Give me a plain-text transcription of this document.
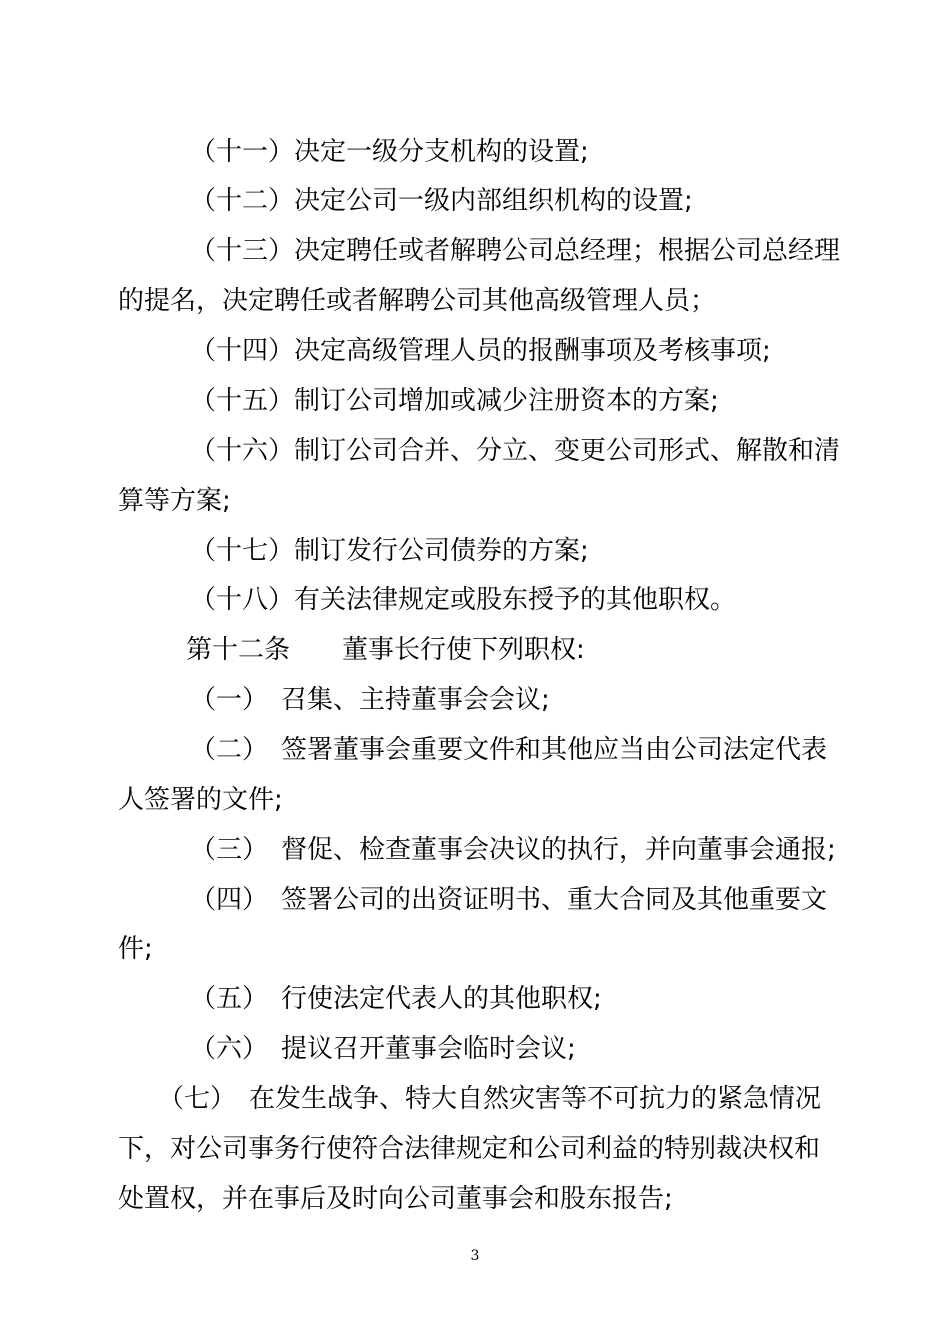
（十一）决定一级分支机构的设置;
（十二）决定公司一级内部组织机构的设置;
（十三）决定聘任或者解聘公司总经理；根据公司总经理
的提名，决定聘任或者解聘公司其他高级管理人员；
（十四）决定高级管理人员的报酬事项及考核事项;
（十五）制订公司增加或减少注册资本的方案;
（十六）制订公司合并、分立、变更公司形式、解散和清
算等方案;
（十七）制订发行公司债券的方案;
（十八）有关法律规定或股东授予的其他职权。
第十二条　　董事长行使下列职权:
（一）　召集、主持董事会会议;
（二）　签署董事会重要文件和其他应当由公司法定代表
人签署的文件;
（三）　督促、检查董事会决议的执行，并向董事会通报;
（四）　签署公司的出资证明书、重大合同及其他重要文
件;
（五）　行使法定代表人的其他职权;
（六）　提议召开董事会临时会议;
（七）　在发生战争、特大自然灾害等不可抗力的紧急情况
下，对公司事务行使符合法律规定和公司利益的特别裁决权和
处置权，并在事后及时向公司董事会和股东报告;
3
